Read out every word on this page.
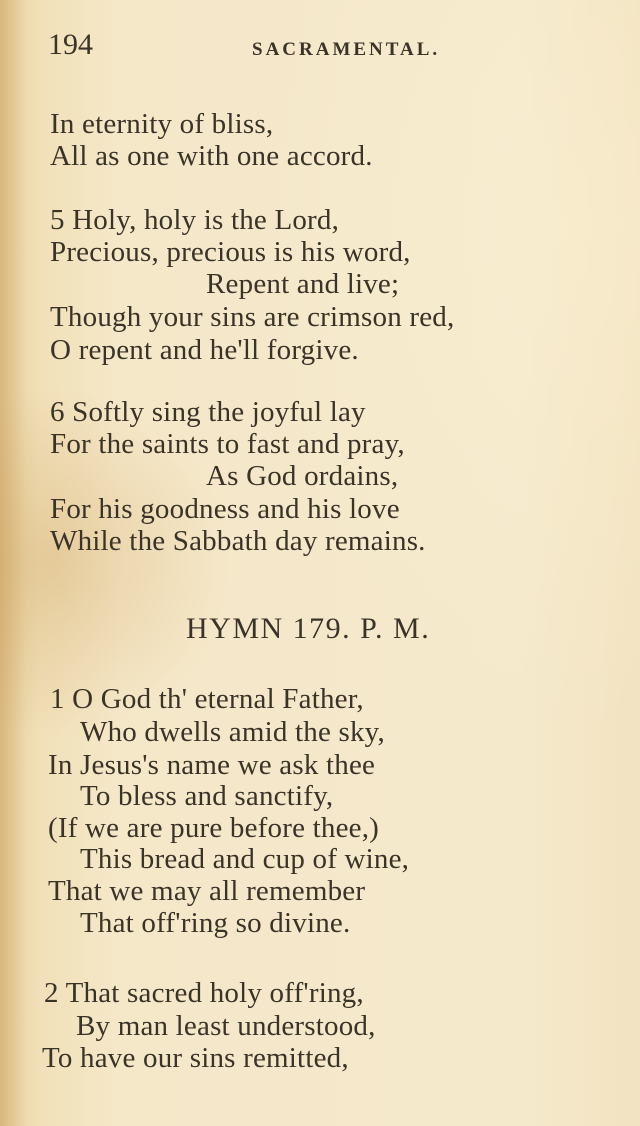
194	SACRAMENTAL.
In eternity of bliss,
All as one with one accord.
5 Holy, holy is the Lord,
Precious, precious is his word,
Repent and live;
Though your sins are crimson red,
O repent and he'll forgive.
6 Softly sing the joyful lay
For the saints to fast and pray,
As God ordains,
For his goodness and his love
While the Sabbath day remains.
HYMN 179. P. M.
1 O God th' eternal Father,
Who dwells amid the sky,
In Jesus's name we ask thee
To bless and sanctify,
(If we are pure before thee,)
This bread and cup of wine,
That we may all remember
That off'ring so divine.
2 That sacred holy off'ring,
By man least understood,
To have our sins remitted,
